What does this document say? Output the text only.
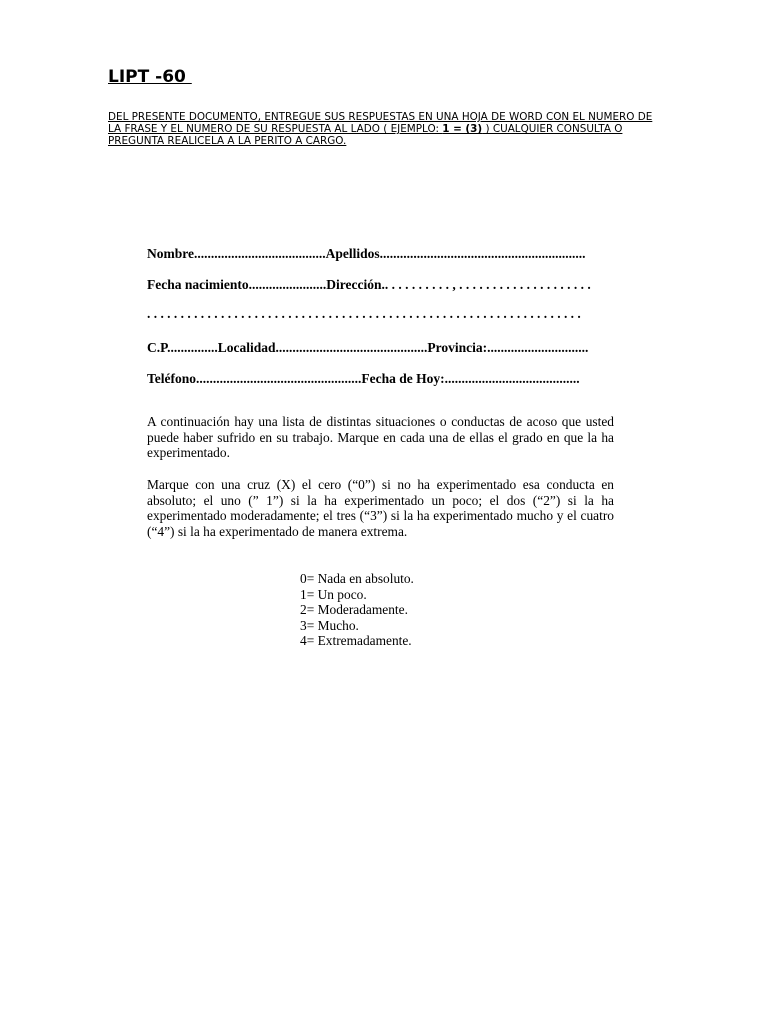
LIPT -60

DEL PRESENTE DOCUMENTO, ENTREGUE SUS RESPUESTAS EN UNA HOJA DE WORD CON EL NUMERO DE LA FRASE Y EL NUMERO DE SU RESPUESTA AL LADO ( EJEMPLO: 1 = (3) ) CUALQUIER CONSULTA O PREGUNTA REALICELA A LA PERITO A CARGO.

Nombre.......................................Apellidos.............................................................

Fecha nacimiento.......................Dirección.. . . . . . . . . . , . . . . . . . . . . . . . . . . . . . .

.................................................................

C.P...............Localidad.............................................Provincia:..............................

Teléfono.................................................Fecha de Hoy:........................................

A continuación hay una lista de distintas situaciones o conductas de acoso que usted puede haber sufrido en su trabajo. Marque en cada una de ellas el grado en que la ha experimentado.

Marque con una cruz (X) el cero (“0”) si no ha experimentado esa conducta en absoluto; el uno (” 1”) si la ha experimentado un poco; el dos (“2”) si la ha experimentado moderadamente; el tres (“3”) si la ha experimentado mucho y el cuatro (“4”) si la ha experimentado de manera extrema.

0= Nada en absoluto.
1= Un poco.
2= Moderadamente.
3= Mucho.
4= Extremadamente.
